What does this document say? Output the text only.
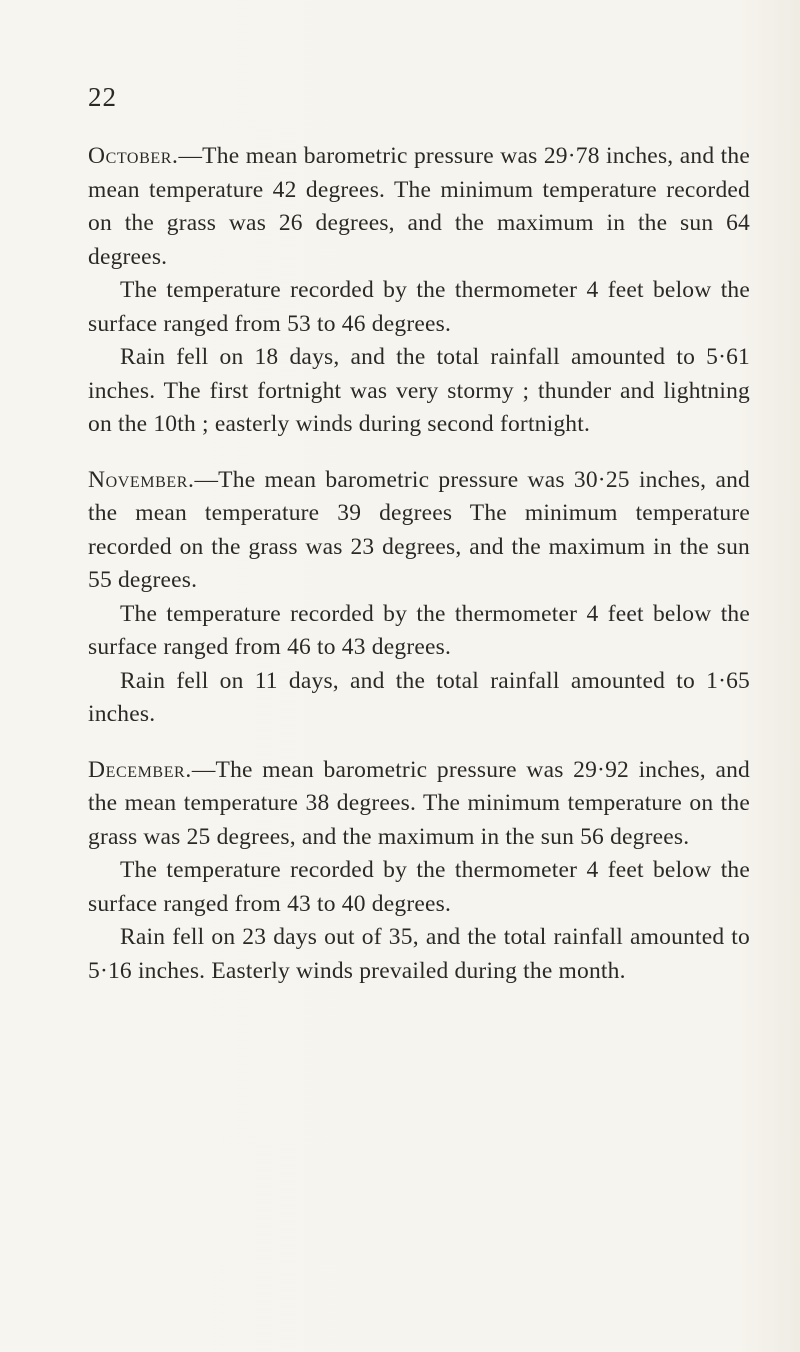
22

October.—The mean barometric pressure was 29·78 inches, and the mean temperature 42 degrees. The minimum temperature recorded on the grass was 26 degrees, and the maximum in the sun 64 degrees.

The temperature recorded by the thermometer 4 feet below the surface ranged from 53 to 46 degrees.

Rain fell on 18 days, and the total rainfall amounted to 5·61 inches. The first fortnight was very stormy ; thunder and lightning on the 10th ; easterly winds during second fortnight.

November.—The mean barometric pressure was 30·25 inches, and the mean temperature 39 degrees The minimum temperature recorded on the grass was 23 degrees, and the maximum in the sun 55 degrees.

The temperature recorded by the thermometer 4 feet below the surface ranged from 46 to 43 degrees.

Rain fell on 11 days, and the total rainfall amounted to 1·65 inches.

December.—The mean barometric pressure was 29·92 inches, and the mean temperature 38 degrees. The minimum temperature on the grass was 25 degrees, and the maximum in the sun 56 degrees.

The temperature recorded by the thermometer 4 feet below the surface ranged from 43 to 40 degrees.

Rain fell on 23 days out of 35, and the total rainfall amounted to 5·16 inches. Easterly winds prevailed during the month.
